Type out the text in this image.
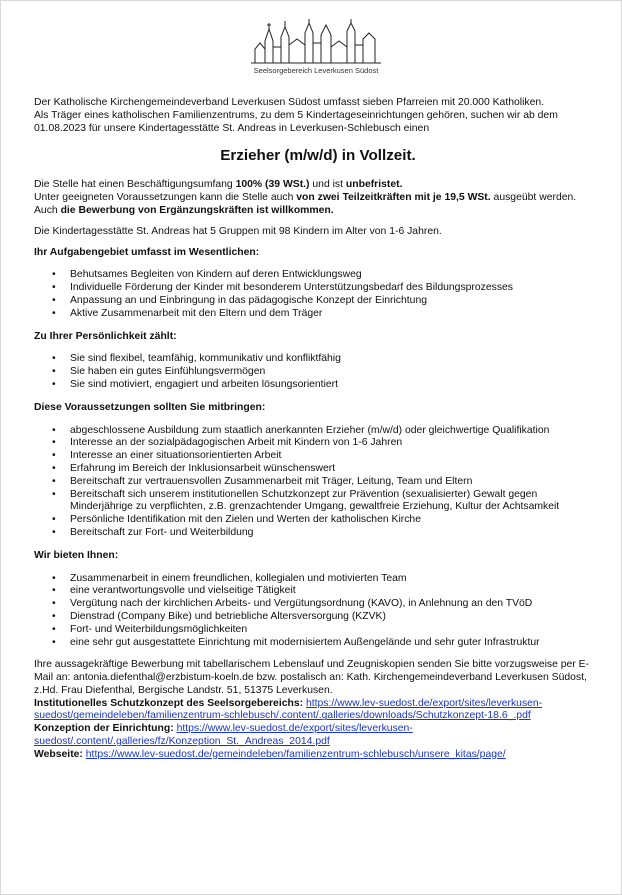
Seelsorgebereich Leverkusen Südost

Der Katholische Kirchengemeindeverband Leverkusen Südost umfasst sieben Pfarreien mit 20.000 Katholiken.

Als Träger eines katholischen Familienzentrums, zu dem 5 Kindertageseinrichtungen gehören, suchen wir ab dem

01.08.2023 für unsere Kindertagesstätte St. Andreas in Leverkusen-Schlebusch einen

Erzieher (m/w/d) in Vollzeit.

Die Stelle hat einen Beschäftigungsumfang 100% (39 WSt.) und ist unbefristet.

Unter geeigneten Voraussetzungen kann die Stelle auch von zwei Teilzeitkräften mit je 19,5 WSt. ausgeübt werden.

Auch die Bewerbung von Ergänzungskräften ist willkommen.

Die Kindertagesstätte St. Andreas hat 5 Gruppen mit 98 Kindern im Alter von 1-6 Jahren.

Ihr Aufgabengebiet umfasst im Wesentlichen:

• Behutsames Begleiten von Kindern auf deren Entwicklungsweg
• Individuelle Förderung der Kinder mit besonderem Unterstützungsbedarf des Bildungsprozesses
• Anpassung an und Einbringung in das pädagogische Konzept der Einrichtung
• Aktive Zusammenarbeit mit den Eltern und dem Träger

Zu Ihrer Persönlichkeit zählt:

• Sie sind flexibel, teamfähig, kommunikativ und konfliktfähig
• Sie haben ein gutes Einfühlungsvermögen
• Sie sind motiviert, engagiert und arbeiten lösungsorientiert

Diese Voraussetzungen sollten Sie mitbringen:

• abgeschlossene Ausbildung zum staatlich anerkannten Erzieher (m/w/d) oder gleichwertige Qualifikation
• Interesse an der sozialpädagogischen Arbeit mit Kindern von 1-6 Jahren
• Interesse an einer situationsorientierten Arbeit
• Erfahrung im Bereich der Inklusionsarbeit wünschenswert
• Bereitschaft zur vertrauensvollen Zusammenarbeit mit Träger, Leitung, Team und Eltern
• Bereitschaft sich unserem institutionellen Schutzkonzept zur Prävention (sexualisierter) Gewalt gegen Minderjährige zu verpflichten, z.B. grenzachtender Umgang, gewaltfreie Erziehung, Kultur der Achtsamkeit
• Persönliche Identifikation mit den Zielen und Werten der katholischen Kirche
• Bereitschaft zur Fort- und Weiterbildung

Wir bieten Ihnen:

• Zusammenarbeit in einem freundlichen, kollegialen und motivierten Team
• eine verantwortungsvolle und vielseitige Tätigkeit
• Vergütung nach der kirchlichen Arbeits- und Vergütungsordnung (KAVO), in Anlehnung an den TVöD
• Dienstrad (Company Bike) und betriebliche Altersversorgung (KZVK)
• Fort- und Weiterbildungsmöglichkeiten
• eine sehr gut ausgestattete Einrichtung mit modernisiertem Außengelände und sehr guter Infrastruktur

Ihre aussagekräftige Bewerbung mit tabellarischem Lebenslauf und Zeugniskopien senden Sie bitte vorzugsweise per E-Mail an: antonia.diefenthal@erzbistum-koeln.de bzw. postalisch an: Kath. Kirchengemeindeverband Leverkusen Südost, z.Hd. Frau Diefenthal, Bergische Landstr. 51, 51375 Leverkusen.

Institutionelles Schutzkonzept des Seelsorgebereichs: https://www.lev-suedost.de/export/sites/leverkusen-suedost/gemeindeleben/familienzentrum-schlebusch/.content/.galleries/downloads/Schutzkonzept-18.6_.pdf

Konzeption der Einrichtung: https://www.lev-suedost.de/export/sites/leverkusen-suedost/.content/.galleries/fz/Konzeption_St._Andreas_2014.pdf

Webseite: https://www.lev-suedost.de/gemeindeleben/familienzentrum-schlebusch/unsere_kitas/page/
